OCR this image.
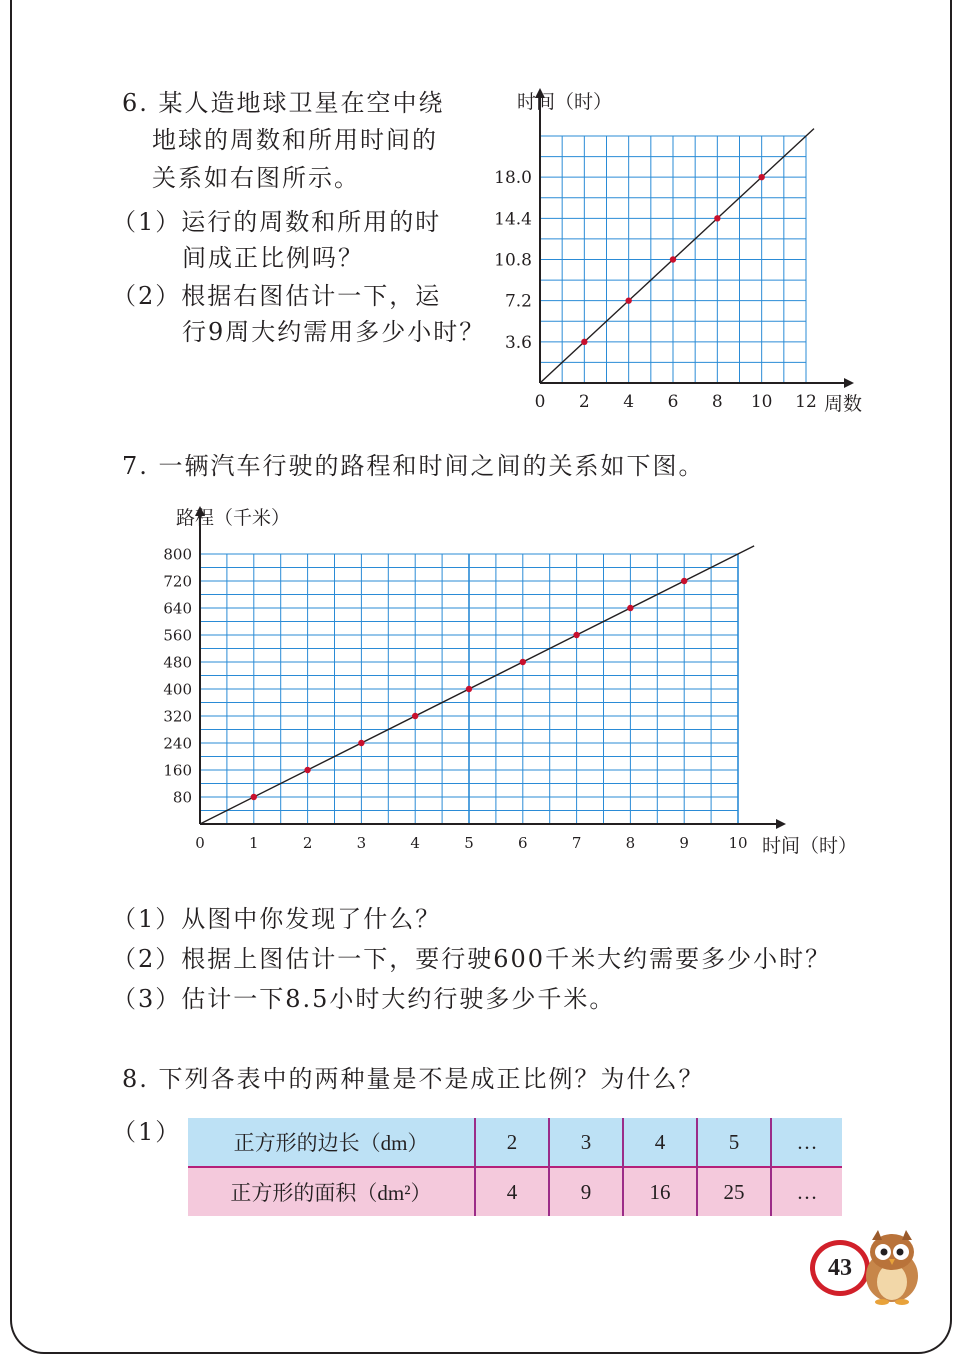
6. 某人造地球卫星在空中绕
地球的周数和所用时间的
关系如右图所示。
（1）运行的周数和所用的时
间成正比例吗？
（2）根据右图估计一下，运
行9周大约需用多少小时？
0 2 4 6 8 10 12
3.6
7.2
10.8
14.4
18.0
时间（时）
周数
7. 一辆汽车行驶的路程和时间之间的关系如下图。
0	1	2	3	4	5	6	7	8	9	10
80
160
240
320
400
480
560
640
720
800
路程（千米）
时间（时）
（1）从图中你发现了什么？
（2）根据上图估计一下，要行驶600千米大约需要多少小时？
（3）估计一下8.5小时大约行驶多少千米。
8. 下列各表中的两种量是不是成正比例？为什么？
（1） 正方形的边长（dm）	2	3	4	5	…
正方形的面积（dm²）	4	9	16	25	…
43
